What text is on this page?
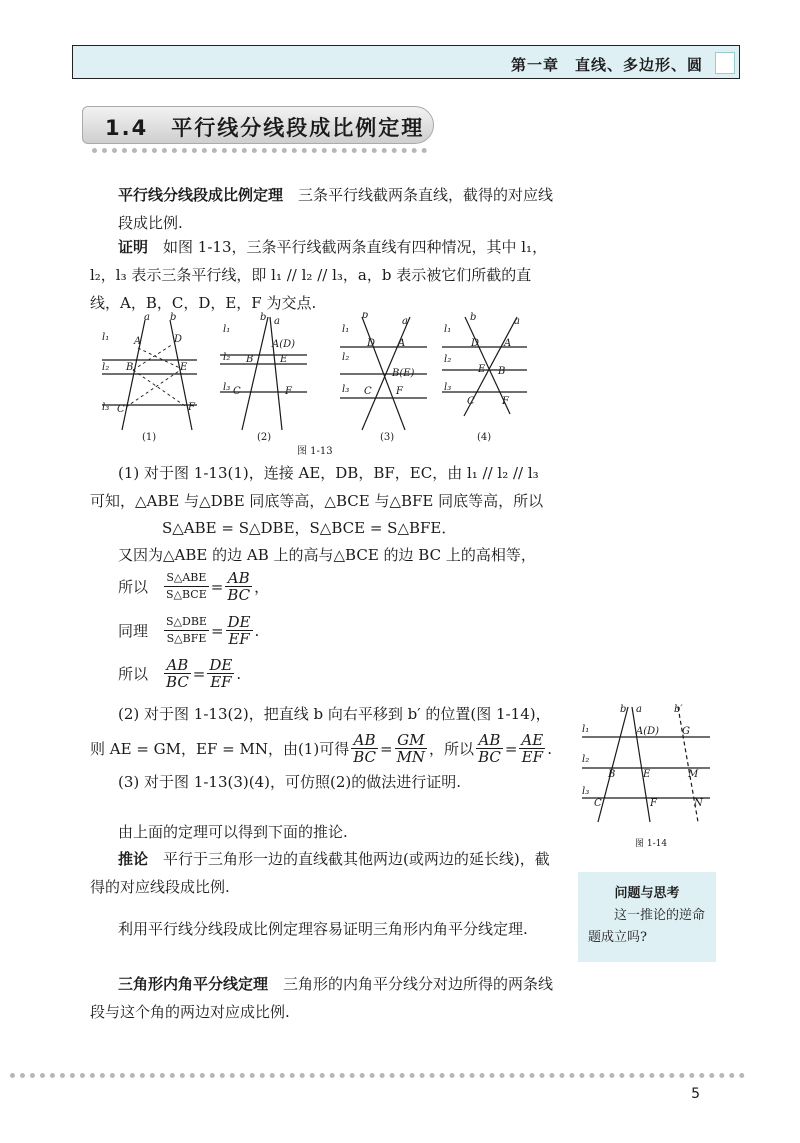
第一章　直线、多边形、圆
1.4　平行线分线段成比例定理

平行线分线段成比例定理　三条平行线截两条直线，截得的对应线段成比例.

证明　如图 1-13，三条平行线截两条直线有四种情况，其中 l₁，l₂，l₃ 表示三条平行线，即 l₁ // l₂ // l₃，a，b 表示被它们所截的直线，A，B，C，D，E，F 为交点.

a b
l₁ A	D
l₂ B	E
l₃ C	F
b a
l₁
A(D)
l₂ B	E
l₃ C	F
b
a
l₁
D A
l₂
B(E)
l₃ C F
b	a
l₁
D A
l₂
E B
l₃
C	F
(1)	(2)	(3)	(4)
图 1-13

(1) 对于图 1-13(1)，连接 AE，DB，BF，EC，由 l₁ // l₂ // l₃ 可知，△ABE 与△DBE 同底等高，△BCE 与△BFE 同底等高，所以

S△ABE = S△DBE，S△BCE = S△BFE．

又因为△ABE 的边 AB 上的高与△BCE 的边 BC 上的高相等，

所以 $\frac{\text{S△ABE}}{\text{S△BCE}} = \frac{AB}{BC}$ ，
同理 $\frac{\text{S△DBE}}{\text{S△BFE}} = \frac{DE}{EF}$ .
所以 $\frac{AB}{BC} = \frac{DE}{EF}$ .

(2) 对于图 1-13(2)，把直线 b 向右平移到 b′ 的位置(图 1-14)，

则 AE = GM，EF = MN，由(1)可得 $\frac{AB}{BC} = \frac{GM}{MN}$ ，所以 $\frac{AB}{BC} = \frac{AE}{EF}$ .

(3) 对于图 1-13(3)(4)，可仿照(2)的做法进行证明.

b a	b′
l₁	A(D) G
l₂
B	E	M
l₃
C	F	N
图 1-14

由上面的定理可以得到下面的推论.

推论　平行于三角形一边的直线截其他两边(或两边的延长线)，截得的对应线段成比例.

利用平行线分线段成比例定理容易证明三角形内角平分线定理.

三角形内角平分线定理　三角形的内角平分线分对边所得的两条线段与这个角的两边对应成比例.

问题与思考
这一推论的逆命题成立吗?
5
